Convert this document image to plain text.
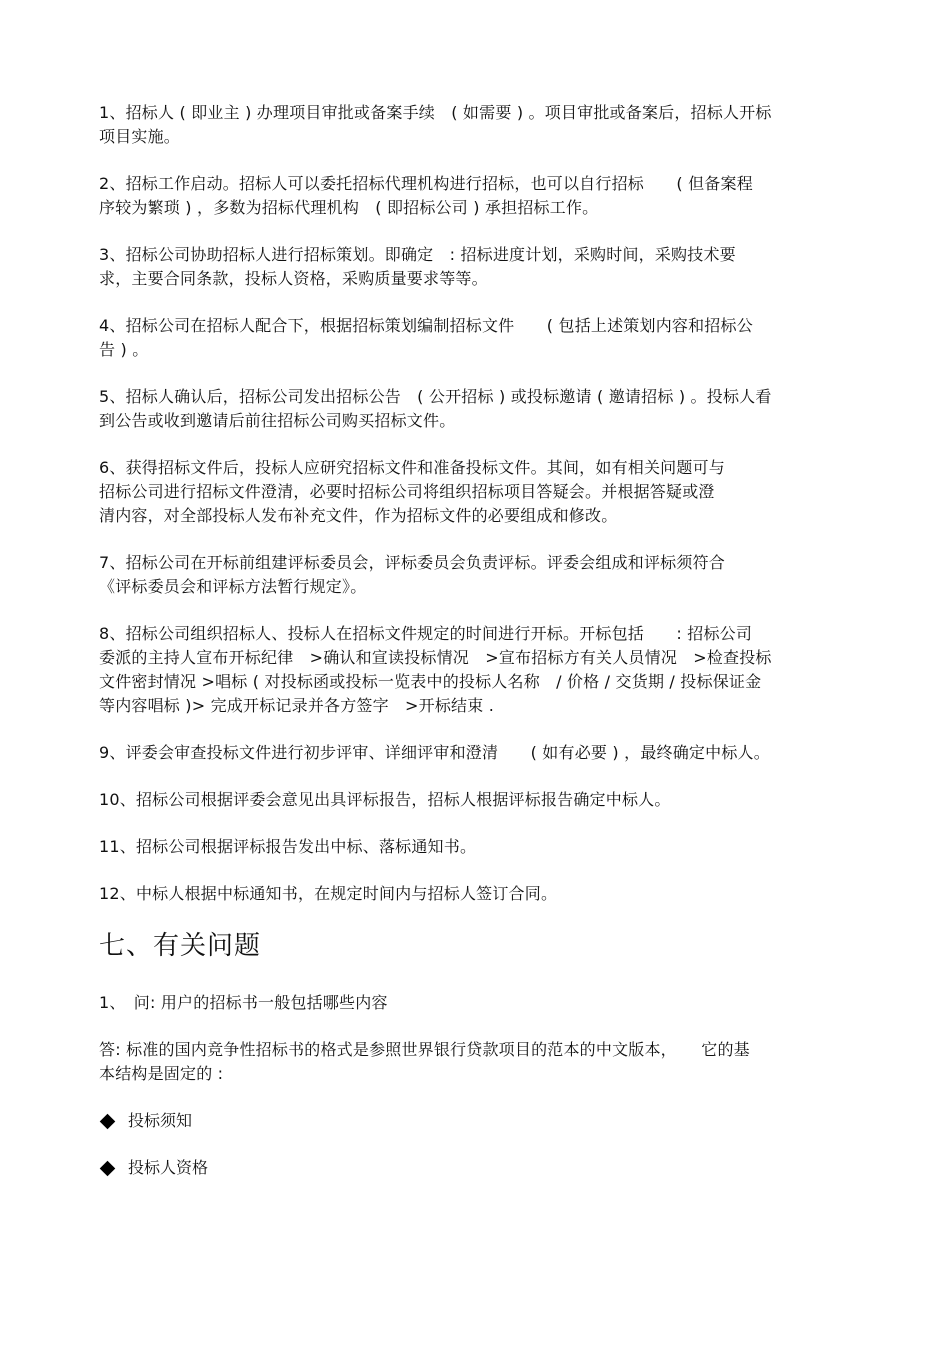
1、招标人 ( 即业主 ) 办理项目审批或备案手续　( 如需要 ) 。项目审批或备案后，招标人开标
项目实施。

2、招标工作启动。招标人可以委托招标代理机构进行招标，也可以自行招标　　( 但备案程
序较为繁琐 ) ，多数为招标代理机构　( 即招标公司 ) 承担招标工作。

3、招标公司协助招标人进行招标策划。即确定　: 招标进度计划，采购时间，采购技术要
求，主要合同条款，投标人资格，采购质量要求等等。

4、招标公司在招标人配合下，根据招标策划编制招标文件　　( 包括上述策划内容和招标公
告 ) 。

5、招标人确认后，招标公司发出招标公告　( 公开招标 ) 或投标邀请 ( 邀请招标 ) 。投标人看
到公告或收到邀请后前往招标公司购买招标文件。

6、获得招标文件后，投标人应研究招标文件和准备投标文件。其间，如有相关问题可与
招标公司进行招标文件澄清，必要时招标公司将组织招标项目答疑会。并根据答疑或澄
清内容，对全部投标人发布补充文件，作为招标文件的必要组成和修改。

7、招标公司在开标前组建评标委员会，评标委员会负责评标。评委会组成和评标须符合
《评标委员会和评标方法暂行规定》。

8、招标公司组织招标人、投标人在招标文件规定的时间进行开标。开标包括　　: 招标公司
委派的主持人宣布开标纪律　>确认和宣读投标情况　>宣布招标方有关人员情况　>检查投标
文件密封情况 >唱标 ( 对投标函或投标一览表中的投标人名称　/ 价格 / 交货期 / 投标保证金
等内容唱标 )> 完成开标记录并各方签字　>开标结束 .

9、评委会审查投标文件进行初步评审、详细评审和澄清　　( 如有必要 ) ，最终确定中标人。

10、招标公司根据评委会意见出具评标报告，招标人根据评标报告确定中标人。

11、招标公司根据评标报告发出中标、落标通知书。

12、中标人根据中标通知书，在规定时间内与招标人签订合同。

七、有关问题

1、　问: 用户的招标书一般包括哪些内容

答: 标准的国内竞争性招标书的格式是参照世界银行贷款项目的范本的中文版本，　　它的基
本结构是固定的 :

投标须知
投标人资格
